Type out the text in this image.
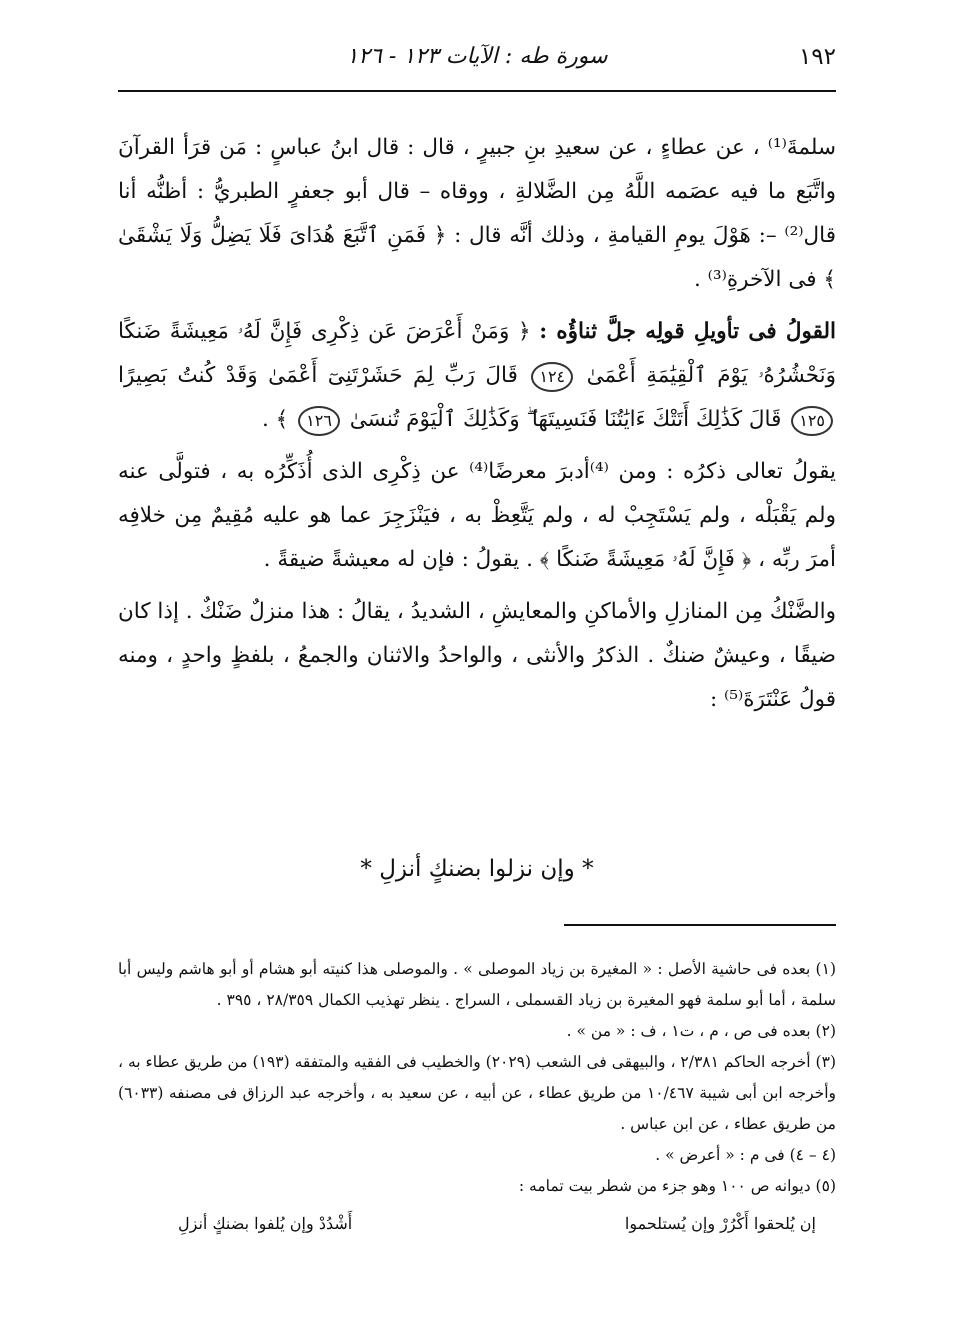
١٩٢
سورة طه : الآيات ١٢٣ - ١٢٦

سلمةَ⁽¹⁾ ، عن عطاءٍ ، عن سعيدِ بنِ جبيرٍ ، قال : قال ابنُ عباسٍ : مَن قرَأ القرآنَ واتَّبَع ما فيه عصَمه اللَّهُ مِن الضَّلالةِ ، ووقاه – قال أبو جعفرٍ الطبريُّ : أظنُّه أنا قال⁽²⁾ –: هَوْلَ يومِ القيامةِ ، وذلك أنَّه قال : ﴿ فَمَنِ ٱتَّبَعَ هُدَاىَ فَلَا يَضِلُّ وَلَا يَشْقَىٰ ﴾ فى الآخرةِ⁽³⁾ .

القولُ فى تأويلِ قولِه جلَّ ثناؤُه : ﴿ وَمَنْ أَعْرَضَ عَن ذِكْرِى فَإِنَّ لَهُۥ مَعِيشَةً ضَنكًا وَنَحْشُرُهُۥ يَوْمَ ٱلْقِيَٰمَةِ أَعْمَىٰ ١٢٤ قَالَ رَبِّ لِمَ حَشَرْتَنِىٓ أَعْمَىٰ وَقَدْ كُنتُ بَصِيرًا ١٢٥ قَالَ كَذَٰلِكَ أَتَتْكَ ءَايَٰتُنَا فَنَسِيتَهَا ۖ وَكَذَٰلِكَ ٱلْيَوْمَ تُنسَىٰ ١٢٦ ﴾ .

يقولُ تعالى ذكرُه : ومن ⁽⁴⁾أدبرَ معرضًا⁽⁴⁾ عن ذِكْرِى الذى أُذَكِّرُه به ، فتولَّى عنه ولم يَقْبَلْه ، ولم يَسْتَجِبْ له ، ولم يَتَّعِظْ به ، فيَنْزَجِرَ عما هو عليه مُقِيمٌ مِن خلافِه أمرَ ربِّه ، ﴿ فَإِنَّ لَهُۥ مَعِيشَةً ضَنكًا ﴾ . يقولُ : فإن له معيشةً ضيقةً .

والضَّنْكُ مِن المنازلِ والأماكنِ والمعايشِ ، الشديدُ ، يقالُ : هذا منزلٌ ضَنْكٌ . إذا كان ضيقًا ، وعيشٌ ضنكٌ . الذكرُ والأنثى ، والواحدُ والاثنان والجمعُ ، بلفظٍ واحدٍ ، ومنه قولُ عَنْتَرَةَ⁽⁵⁾ :

* وإن نزلوا بضنكٍ أنزلِ *

(١) بعده فى حاشية الأصل : « المغيرة بن زياد الموصلى » . والموصلى هذا كنيته أبو هشام أو أبو هاشم وليس أبا سلمة ، أما أبو سلمة فهو المغيرة بن زياد القسملى ، السراج . ينظر تهذيب الكمال ٢٨/٣٥٩ ، ٣٩٥ .

(٢) بعده فى ص ، م ، ت١ ، ف : « من » .

(٣) أخرجه الحاكم ٢/٣٨١ ، والبيهقى فى الشعب (٢٠٢٩) والخطيب فى الفقيه والمتفقه (١٩٣) من طريق عطاء به ، وأخرجه ابن أبى شيبة ١٠/٤٦٧ من طريق عطاء ، عن أبيه ، عن سعيد به ، وأخرجه عبد الرزاق فى مصنفه (٦٠٣٣) من طريق عطاء ، عن ابن عباس .

(٤ – ٤) فى م : « أعرض » .

(٥) ديوانه ص ١٠٠ وهو جزء من شطر بيت تمامه :

إن يُلحقوا أَكْرُرْ وإن يُستلحموا
أَشْدُدْ وإن يُلفوا بضنكٍ أنزلِ
